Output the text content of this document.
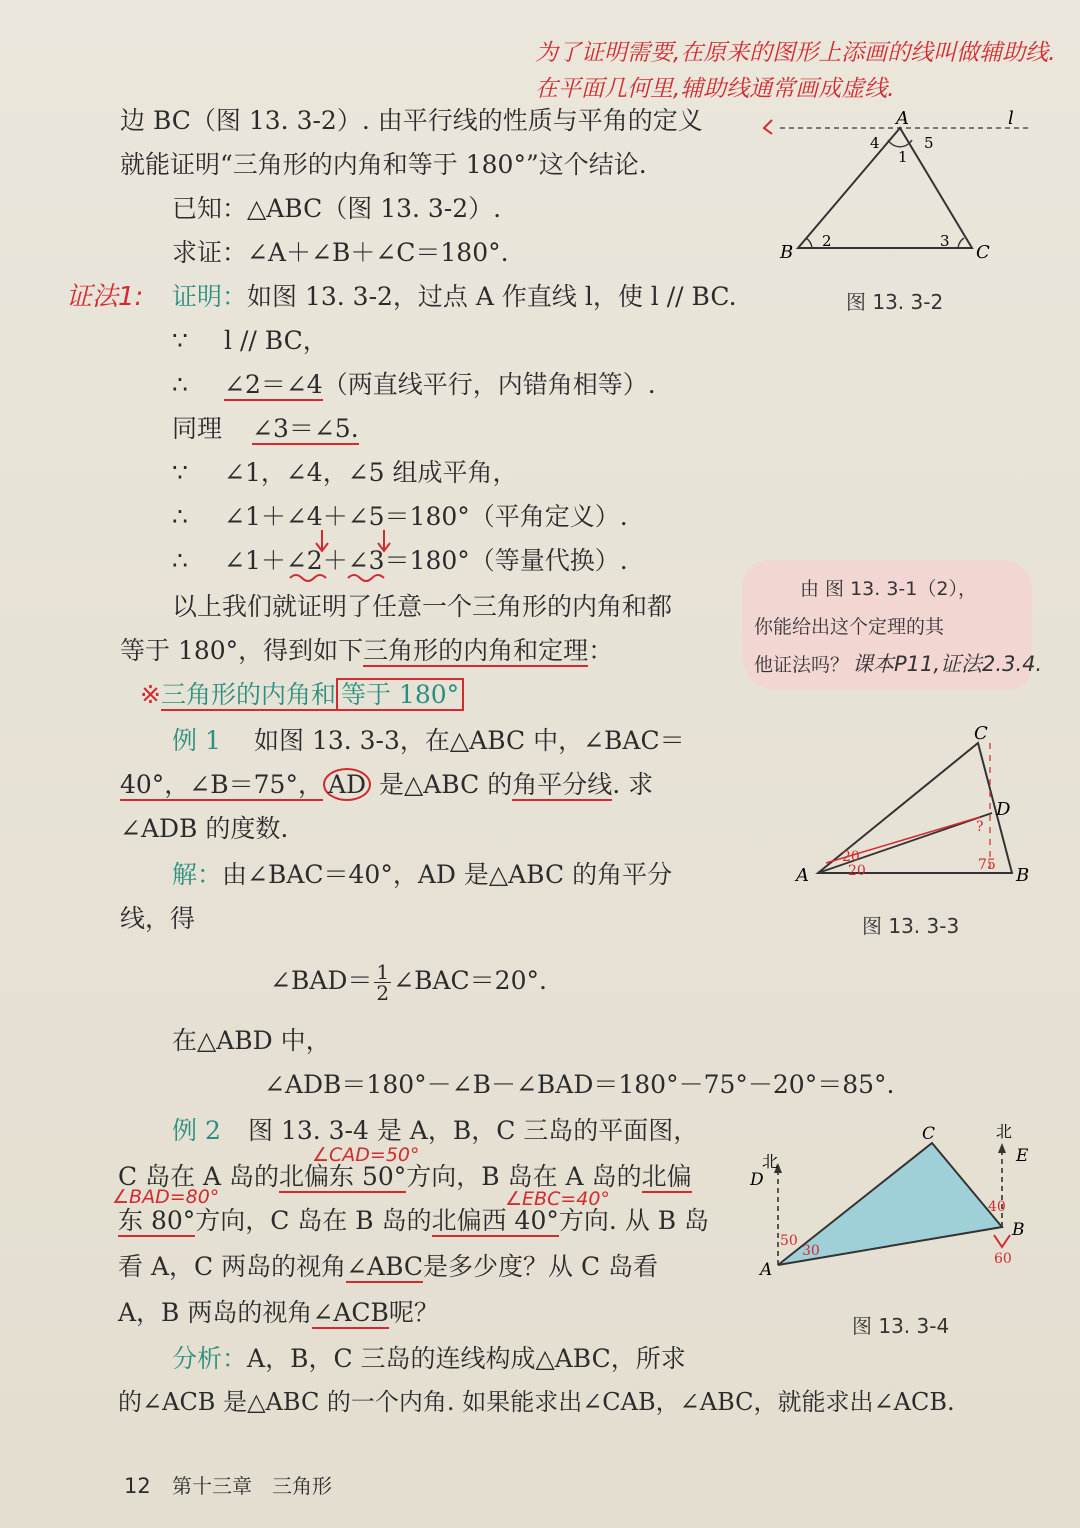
为了证明需要,在原来的图形上添画的线叫做辅助线.
在平面几何里,辅助线通常画成虚线.
边 BC（图 13. 3-2）. 由平行线的性质与平角的定义
就能证明“三角形的内角和等于 180°”这个结论.
已知：△ABC（图 13. 3-2）.
求证：∠A＋∠B＋∠C＝180°.
证法1: 证明：如图 13. 3-2，过点 A 作直线 l，使 l // BC.
∵ l // BC，
∴ ∠2＝∠4（两直线平行，内错角相等）.
同理 ∠3＝∠5.
∵ ∠1，∠4，∠5 组成平角，
∴ ∠1＋∠4＋∠5＝180°（平角定义）.
∴ ∠1＋∠2＋∠3＝180°（等量代换）.
以上我们就证明了任意一个三角形的内角和都
等于 180°，得到如下三角形的内角和定理：
※三角形的内角和 等于 180°
例 1 如图 13. 3-3，在△ABC 中，∠BAC＝
40°，∠B＝75°， AD 是△ABC 的角平分线. 求
∠ADB 的度数.
解：由∠BAC＝40°，AD 是△ABC 的角平分
线，得
∠BAD＝ $\frac{1}{2}$ ∠BAC＝20°.
在△ABD 中，
∠ADB＝180°－∠B－∠BAD＝180°－75°－20°＝85°.
例 2 图 13. 3-4 是 A，B，C 三岛的平面图，
∠CAD=50°
C 岛在 A 岛的北偏东 50°方向，B 岛在 A 岛的北偏
∠BAD=80°	∠EBC=40°
东 80°方向，C 岛在 B 岛的北偏西 40°方向. 从 B 岛
看 A，C 两岛的视角∠ABC是多少度？从 C 岛看
A，B 两岛的视角∠ACB呢？
分析：A，B，C 三岛的连线构成△ABC，所求
的∠ACB 是△ABC 的一个内角. 如果能求出∠CAB，∠ABC，就能求出∠ACB.
12 第十三章　三角形
A	l
B	C
1
2	3
4	5
图 13. 3-2
由 图 13. 3-1（2），
你能给出这个定理的其
他证法吗？ 课本P11,证法2.3.4.
C
D
A	B
20
20	75
?
图 13. 3-3
北
北
D
E
A
B
C
50
30
40
60
图 13. 3-4
